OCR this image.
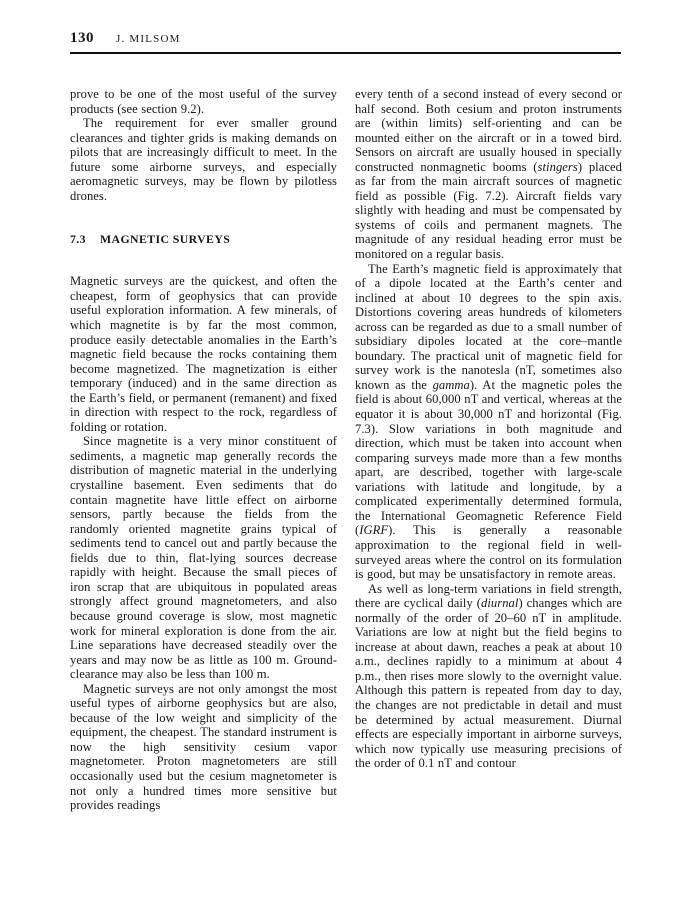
130 J. MILSOM

prove to be one of the most useful of the survey products (see section 9.2).

The requirement for ever smaller ground clearances and tighter grids is making demands on pilots that are increasingly difficult to meet. In the future some airborne surveys, and especially aeromagnetic surveys, may be flown by pilotless drones.

7.3 MAGNETIC SURVEYS

Magnetic surveys are the quickest, and often the cheapest, form of geophysics that can provide useful exploration information. A few minerals, of which magnetite is by far the most common, produce easily detectable anomalies in the Earth’s magnetic field because the rocks containing them become magnetized. The magnetization is either temporary (induced) and in the same direction as the Earth’s field, or permanent (remanent) and fixed in direction with respect to the rock, regardless of folding or rotation.

Since magnetite is a very minor constituent of sediments, a magnetic map generally records the distribution of magnetic material in the underlying crystalline basement. Even sediments that do contain magnetite have little effect on airborne sensors, partly because the fields from the randomly oriented magnetite grains typical of sediments tend to cancel out and partly because the fields due to thin, flat-lying sources decrease rapidly with height. Because the small pieces of iron scrap that are ubiquitous in populated areas strongly affect ground magnetometers, and also because ground coverage is slow, most magnetic work for mineral exploration is done from the air. Line separations have decreased steadily over the years and may now be as little as 100 m. Ground-clearance may also be less than 100 m.

Magnetic surveys are not only amongst the most useful types of airborne geophysics but are also, because of the low weight and simplicity of the equipment, the cheapest. The standard instrument is now the high sensitivity cesium vapor magnetometer. Proton magnetometers are still occasionally used but the cesium magnetometer is not only a hundred times more sensitive but provides readings

every tenth of a second instead of every second or half second. Both cesium and proton instruments are (within limits) self-orienting and can be mounted either on the aircraft or in a towed bird. Sensors on aircraft are usually housed in specially constructed nonmagnetic booms (stingers) placed as far from the main aircraft sources of magnetic field as possible (Fig. 7.2). Aircraft fields vary slightly with heading and must be compensated by systems of coils and permanent magnets. The magnitude of any residual heading error must be monitored on a regular basis.

The Earth’s magnetic field is approximately that of a dipole located at the Earth’s center and inclined at about 10 degrees to the spin axis. Distortions covering areas hundreds of kilometers across can be regarded as due to a small number of subsidiary dipoles located at the core–mantle boundary. The practical unit of magnetic field for survey work is the nanotesla (nT, sometimes also known as the gamma). At the magnetic poles the field is about 60,000 nT and vertical, whereas at the equator it is about 30,000 nT and horizontal (Fig. 7.3). Slow variations in both magnitude and direction, which must be taken into account when comparing surveys made more than a few months apart, are described, together with large-scale variations with latitude and longitude, by a complicated experimentally determined formula, the International Geomagnetic Reference Field (IGRF). This is generally a reasonable approximation to the regional field in well-surveyed areas where the control on its formulation is good, but may be unsatisfactory in remote areas.

As well as long-term variations in field strength, there are cyclical daily (diurnal) changes which are normally of the order of 20–60 nT in amplitude. Variations are low at night but the field begins to increase at about dawn, reaches a peak at about 10 a.m., declines rapidly to a minimum at about 4 p.m., then rises more slowly to the overnight value. Although this pattern is repeated from day to day, the changes are not predictable in detail and must be determined by actual measurement. Diurnal effects are especially important in airborne surveys, which now typically use measuring precisions of the order of 0.1 nT and contour
